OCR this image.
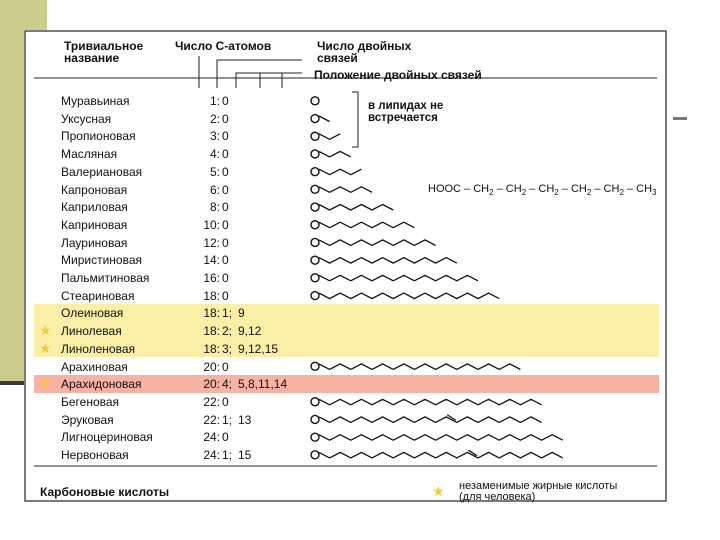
Тривиальное
название
Число С-атомов	Число двойных
связей
Положение двойных связей
Муравьиная	1: 0
Уксусная	2: 0
Пропионовая	3: 0
Масляная	4: 0
Валериановая	5: 0
Капроновая	6: 0
Каприловая	8: 0
Каприновая	10: 0
Лауриновая	12: 0
Миристиновая	14: 0
Пальмитиновая	16: 0
Стеариновая	18: 0
Олеиновая	18: 1; 9
★ Линолевая	18: 2; 9,12
★ Линоленовая	18: 3; 9,12,15
Арахиновая	20: 0
★ Арахидоновая	20: 4; 5,8,11,14
Бегеновая	22: 0
Эруковая	22: 1; 13
Лигноцериновая	24: 0
Нервоновая	24: 1; 15
в липидах не
встречается
HOOC – $CH_2 - CH_2 - CH_2 - CH_2 - CH_2 - CH_3$
Карбоновые кислоты	★ незаменимые жирные кислоты
(для человека)
